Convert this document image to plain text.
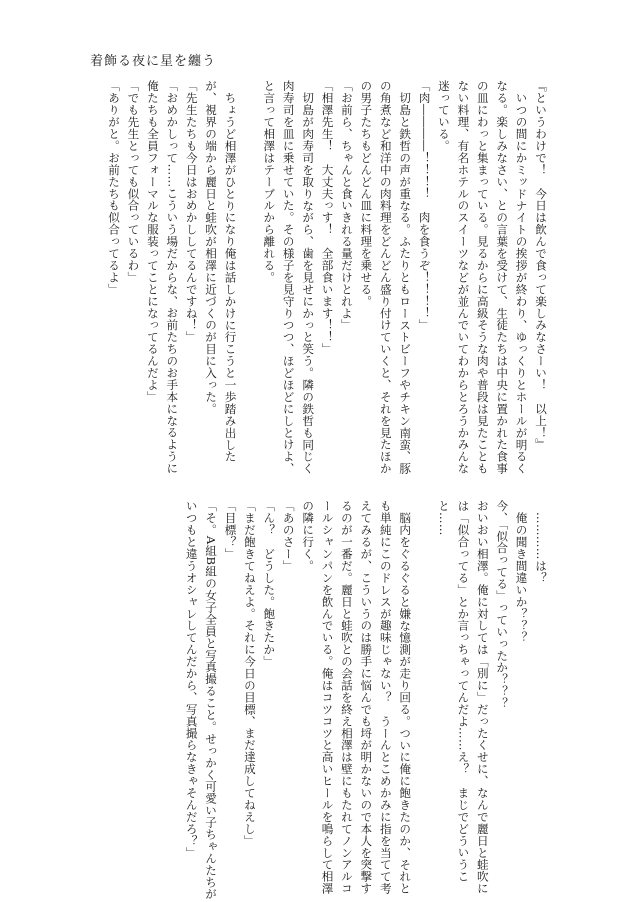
着飾る夜に星を纏う

『というわけで！　今日は飲んで食って楽しみなさーい！　以上！』

いつの間にかミッドナイトの挨拶が終わり、ゆっくりとホールが明るくなる。楽しみなさい、との言葉を受けて、生徒たちは中央に置かれた食事の皿にわっと集まっている。見るからに高級そうな肉や普段は見たこともない料理、有名ホテルのスイーツなどが並んでいてわからとろうかみんな迷っている。

「肉――――！！！！　肉を食うぞ！！！！」

切島と鉄哲の声が重なる。ふたりともローストビーフやチキン南蛮、豚の角煮など和洋中の肉料理をどんどん盛り付けていくと、それを見たほかの男子たちもどんどん皿に料理を乗せる。

「お前ら、ちゃんと食いきれる量だけとれよ」

「相澤先生！　大丈夫っす！　全部食います！！」

切島が肉寿司を取りながら、歯を見せにかっと笑う。隣の鉄哲も同じく肉寿司を皿に乗せていた。その様子を見守りつつ、ほどほどにしとけよ、と言って相澤はテーブルから離れる。

ちょうど相澤がひとりになり俺は話しかけに行こうと一歩踏み出したが、視界の端から麗日と蛙吹が相澤に近づくのが目に入った。

「先生たちも今日はおめかししてるんですね！」

「おめかしって……こういう場だからな、お前たちのお手本になるように俺たちも全員フォーマルな服装ってことになってるんだよ」

「でも先生とっても似合っているわ」

「ありがと。お前たちも似合ってるよ」

…………は？

俺の聞き間違いか？？？

今、「似合ってる」っていったか？？？

おいおい相澤。俺に対しては「別に」だったくせに、なんで麗日と蛙吹には「似合ってる」とか言っちゃってんだよ……え？　まじでどういうこと……

脳内をぐるぐると嫌な憶測が走り回る。ついに俺に飽きたのか、それとも単純にこのドレスが趣味じゃない？　うーんとこめかみに指を当てて考えてみるが、こういうのは勝手に悩んでも埒が明かないので本人を突撃するのが一番だ。麗日と蛙吹との会話を終え相澤は壁にもたれてノンアルコールシャンパンを飲んでいる。俺はコツコツと高いヒールを鳴らして相澤の隣に行く。

「あのさー」

「ん？　どうした。飽きたか」

「まだ飽きてねえよ。それに今日の目標、まだ達成してねえし」

「目標？」

「そ。A組B組の女子全員と写真撮ること。せっかく可愛い子ちゃんたちがいつもと違うオシャレしてんだから、写真撮らなきゃそんだろ？」
